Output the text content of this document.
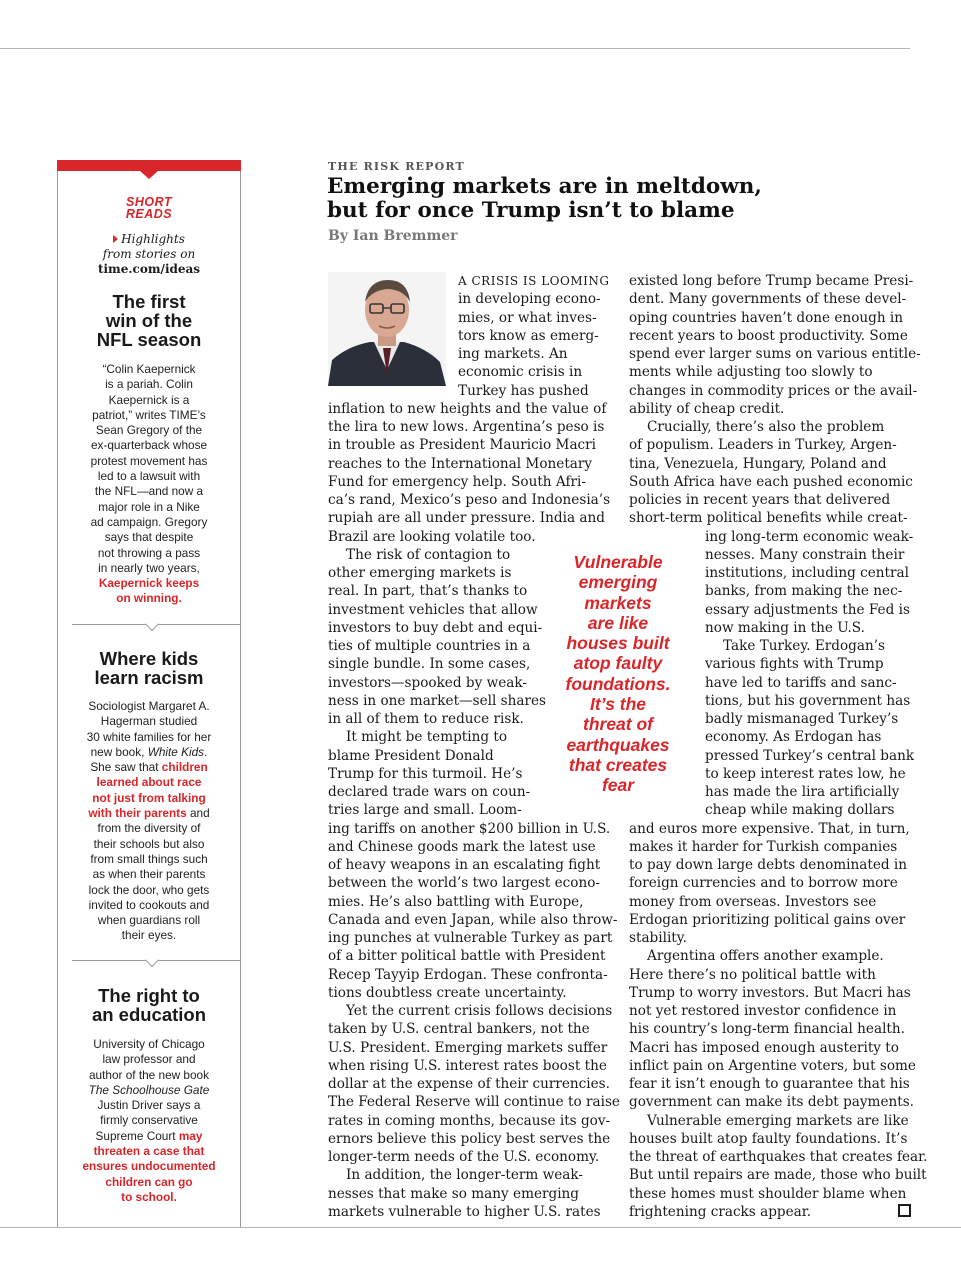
SHORT
READS
Highlights
from stories on
time.com/ideas
The first
win of the
NFL season
“Colin Kaepernick
is a pariah. Colin
Kaepernick is a
patriot,” writes TIME’s
Sean Gregory of the
ex-quarterback whose
protest movement has
led to a lawsuit with
the NFL—and now a
major role in a Nike
ad campaign. Gregory
says that despite
not throwing a pass
in nearly two years,
Kaepernick keeps
on winning.
Where kids
learn racism
Sociologist Margaret A.
Hagerman studied
30 white families for her
new book, White Kids.
She saw that children
learned about race
not just from talking
with their parents and
from the diversity of
their schools but also
from small things such
as when their parents
lock the door, who gets
invited to cookouts and
when guardians roll
their eyes.
The right to
an education
University of Chicago
law professor and
author of the new book
The Schoolhouse Gate
Justin Driver says a
firmly conservative
Supreme Court may
threaten a case that
ensures undocumented
children can go
to school.
THE RISK REPORT
Emerging markets are in meltdown,
but for once Trump isn’t to blame
By Ian Bremmer
A CRISIS IS LOOMING
in developing econo-
mies, or what inves-
tors know as emerg-
ing markets. An
economic crisis in
Turkey has pushed
inflation to new heights and the value of
the lira to new lows. Argentina’s peso is
in trouble as President Mauricio Macri
reaches to the International Monetary
Fund for emergency help. South Afri-
ca’s rand, Mexico’s peso and Indonesia’s
rupiah are all under pressure. India and
Brazil are looking volatile too.
The risk of contagion to
other emerging markets is
real. In part, that’s thanks to
investment vehicles that allow
investors to buy debt and equi-
ties of multiple countries in a
single bundle. In some cases,
investors—spooked by weak-
ness in one market—sell shares
in all of them to reduce risk.
It might be tempting to
blame President Donald
Trump for this turmoil. He’s
declared trade wars on coun-
tries large and small. Loom-
ing tariffs on another $200 billion in U.S.
and Chinese goods mark the latest use
of heavy weapons in an escalating fight
between the world’s two largest econo-
mies. He’s also battling with Europe,
Canada and even Japan, while also throw-
ing punches at vulnerable Turkey as part
of a bitter political battle with President
Recep Tayyip Erdogan. These confronta-
tions doubtless create uncertainty.
Yet the current crisis follows decisions
taken by U.S. central bankers, not the
U.S. President. Emerging markets suffer
when rising U.S. interest rates boost the
dollar at the expense of their currencies.
The Federal Reserve will continue to raise
rates in coming months, because its gov-
ernors believe this policy best serves the
longer-term needs of the U.S. economy.
In addition, the longer-term weak-
nesses that make so many emerging
markets vulnerable to higher U.S. rates
existed long before Trump became Presi-
dent. Many governments of these devel-
oping countries haven’t done enough in
recent years to boost productivity. Some
spend ever larger sums on various entitle-
ments while adjusting too slowly to
changes in commodity prices or the avail-
ability of cheap credit.
Crucially, there’s also the problem
of populism. Leaders in Turkey, Argen-
tina, Venezuela, Hungary, Poland and
South Africa have each pushed economic
policies in recent years that delivered
short-term political benefits while creat-
ing long-term economic weak-
nesses. Many constrain their
institutions, including central
banks, from making the nec-
essary adjustments the Fed is
now making in the U.S.
Take Turkey. Erdogan’s
various fights with Trump
have led to tariffs and sanc-
tions, but his government has
badly mismanaged Turkey’s
economy. As Erdogan has
pressed Turkey’s central bank
to keep interest rates low, he
has made the lira artificially
cheap while making dollars
and euros more expensive. That, in turn,
makes it harder for Turkish companies
to pay down large debts denominated in
foreign currencies and to borrow more
money from overseas. Investors see
Erdogan prioritizing political gains over
stability.
Argentina offers another example.
Here there’s no political battle with
Trump to worry investors. But Macri has
not yet restored investor confidence in
his country’s long-term financial health.
Macri has imposed enough austerity to
inflict pain on Argentine voters, but some
fear it isn’t enough to guarantee that his
government can make its debt payments.
Vulnerable emerging markets are like
houses built atop faulty foundations. It’s
the threat of earthquakes that creates fear.
But until repairs are made, those who built
these homes must shoulder blame when
frightening cracks appear.
Vulnerable
emerging
markets
are like
houses built
atop faulty
foundations.
It’s the
threat of
earthquakes
that creates
fear
